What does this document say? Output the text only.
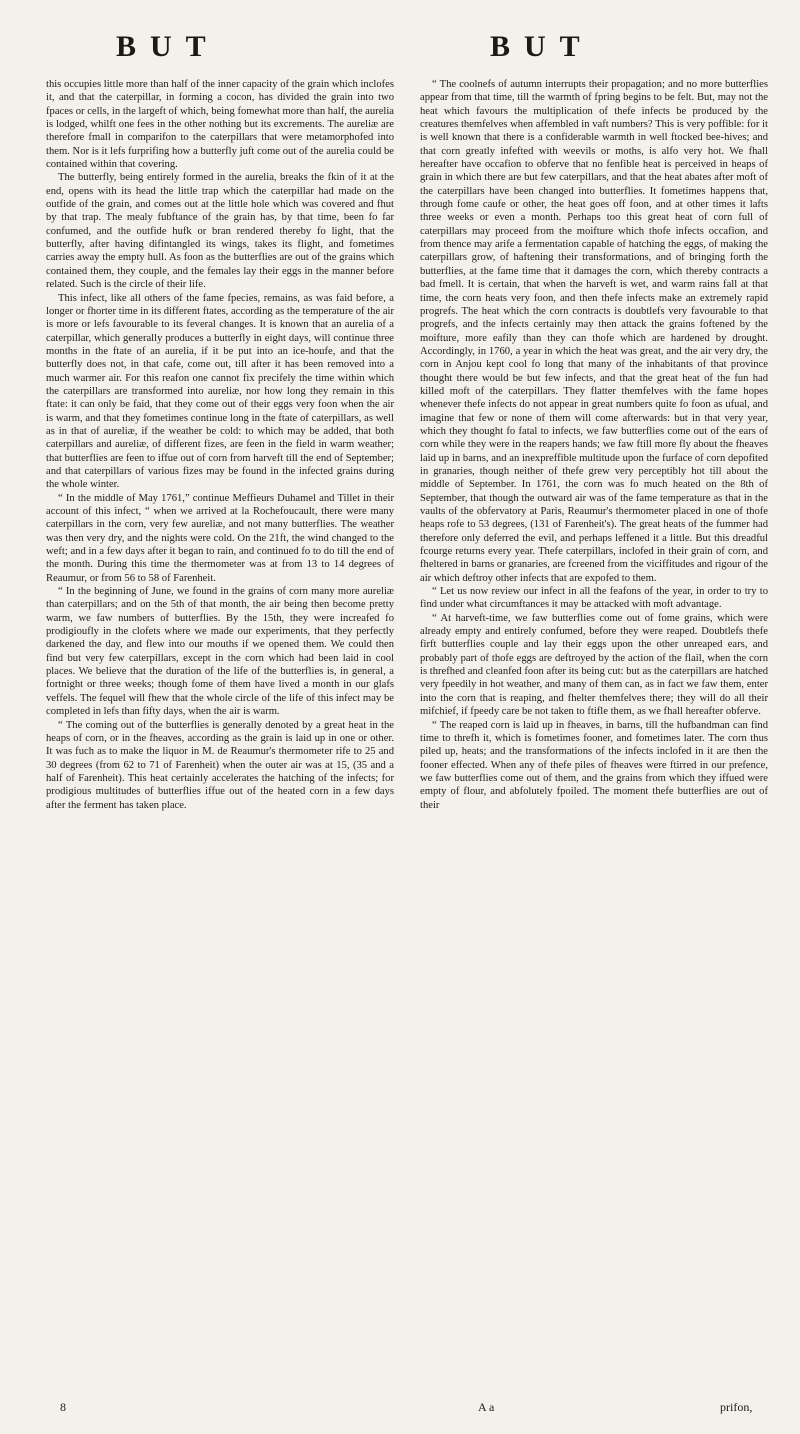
BUT	BUT

this occupies little more than half of the inner capacity of the grain which inclofes it, and that the caterpillar, in forming a cocon, has divided the grain into two fpaces or cells, in the largeft of which, being fomewhat more than half, the aurelia is lodged, whilft one fees in the other nothing but its excrements. The aureliæ are therefore fmall in comparifon to the caterpillars that were metamorphofed into them. Nor is it lefs furprifing how a butterfly juft come out of the aurelia could be contained within that covering.

The butterfly, being entirely formed in the aurelia, breaks the fkin of it at the end, opens with its head the little trap which the caterpillar had made on the outfide of the grain, and comes out at the little hole which was covered and fhut by that trap. The mealy fubftance of the grain has, by that time, been fo far confumed, and the outfide hufk or bran rendered thereby fo light, that the butterfly, after having difintangled its wings, takes its flight, and fometimes carries away the empty hull. As foon as the butterflies are out of the grains which contained them, they couple, and the females lay their eggs in the manner before related. Such is the circle of their life.

This infect, like all others of the fame fpecies, remains, as was faid before, a longer or fhorter time in its different ftates, according as the temperature of the air is more or lefs favourable to its feveral changes. It is known that an aurelia of a caterpillar, which generally produces a butterfly in eight days, will continue three months in the ftate of an aurelia, if it be put into an ice-houfe, and that the butterfly does not, in that cafe, come out, till after it has been removed into a much warmer air. For this reafon one cannot fix precifely the time within which the caterpillars are transformed into aureliæ, nor how long they remain in this ftate: it can only be faid, that they come out of their eggs very foon when the air is warm, and that they fometimes continue long in the ftate of caterpillars, as well as in that of aureliæ, if the weather be cold: to which may be added, that both caterpillars and aureliæ, of different fizes, are feen in the field in warm weather; that butterflies are feen to iffue out of corn from harveft till the end of September; and that caterpillars of various fizes may be found in the infected grains during the whole winter.

“ In the middle of May 1761,” continue Meffieurs Duhamel and Tillet in their account of this infect, “ when we arrived at la Rochefoucault, there were many caterpillars in the corn, very few aureliæ, and not many butterflies. The weather was then very dry, and the nights were cold. On the 21ft, the wind changed to the weft; and in a few days after it began to rain, and continued fo to do till the end of the month. During this time the thermometer was at from 13 to 14 degrees of Reaumur, or from 56 to 58 of Farenheit.

“ In the beginning of June, we found in the grains of corn many more aureliæ than caterpillars; and on the 5th of that month, the air being then become pretty warm, we faw numbers of butterflies. By the 15th, they were increafed fo prodigioufly in the clofets where we made our experiments, that they perfectly darkened the day, and flew into our mouths if we opened them. We could then find but very few caterpillars, except in the corn which had been laid in cool places. We believe that the duration of the life of the butterflies is, in general, a fortnight or three weeks; though fome of them have lived a month in our glafs veffels. The fequel will fhew that the whole circle of the life of this infect may be completed in lefs than fifty days, when the air is warm.

“ The coming out of the butterflies is generally denoted by a great heat in the heaps of corn, or in the fheaves, according as the grain is laid up in one or other. It was fuch as to make the liquor in M. de Reaumur's thermometer rife to 25 and 30 degrees (from 62 to 71 of Farenheit) when the outer air was at 15, (35 and a half of Farenheit). This heat certainly accelerates the hatching of the infects; for prodigious multitudes of butterflies iffue out of the heated corn in a few days after the ferment has taken place.

“ The coolnefs of autumn interrupts their propagation; and no more butterflies appear from that time, till the warmth of fpring begins to be felt. But, may not the heat which favours the multiplication of thefe infects be produced by the creatures themfelves when affembled in vaft numbers? This is very poffible: for it is well known that there is a confiderable warmth in well ftocked bee-hives; and that corn greatly infefted with weevils or moths, is alfo very hot. We fhall hereafter have occafion to obferve that no fenfible heat is perceived in heaps of grain in which there are but few caterpillars, and that the heat abates after moft of the caterpillars have been changed into butterflies. It fometimes happens that, through fome caufe or other, the heat goes off foon, and at other times it lafts three weeks or even a month. Perhaps too this great heat of corn full of caterpillars may proceed from the moifture which thofe infects occafion, and from thence may arife a fermentation capable of hatching the eggs, of making the caterpillars grow, of haftening their transformations, and of bringing forth the butterflies, at the fame time that it damages the corn, which thereby contracts a bad fmell. It is certain, that when the harveft is wet, and warm rains fall at that time, the corn heats very foon, and then thefe infects make an extremely rapid progrefs. The heat which the corn contracts is doubtlefs very favourable to that progrefs, and the infects certainly may then attack the grains foftened by the moifture, more eafily than they can thofe which are hardened by drought. Accordingly, in 1760, a year in which the heat was great, and the air very dry, the corn in Anjou kept cool fo long that many of the inhabitants of that province thought there would be but few infects, and that the great heat of the fun had killed moft of the caterpillars. They flatter themfelves with the fame hopes whenever thefe infects do not appear in great numbers quite fo foon as ufual, and imagine that few or none of them will come afterwards: but in that very year, which they thought fo fatal to infects, we faw butterflies come out of the ears of corn while they were in the reapers hands; we faw ftill more fly about the fheaves laid up in barns, and an inexpreffible multitude upon the furface of corn depofited in granaries, though neither of thefe grew very perceptibly hot till about the middle of September. In 1761, the corn was fo much heated on the 8th of September, that though the outward air was of the fame temperature as that in the vaults of the obfervatory at Paris, Reaumur's thermometer placed in one of thofe heaps rofe to 53 degrees, (131 of Farenheit's). The great heats of the fummer had therefore only deferred the evil, and perhaps leffened it a little. But this dreadful fcourge returns every year. Thefe caterpillars, inclofed in their grain of corn, and fheltered in barns or granaries, are fcreened from the viciffitudes and rigour of the air which deftroy other infects that are expofed to them.

“ Let us now review our infect in all the feafons of the year, in order to try to find under what circumftances it may be attacked with moft advantage.

“ At harveft-time, we faw butterflies come out of fome grains, which were already empty and entirely confumed, before they were reaped. Doubtlefs thefe firft butterflies couple and lay their eggs upon the other unreaped ears, and probably part of thofe eggs are deftroyed by the action of the flail, when the corn is threfhed and cleanfed foon after its being cut: but as the caterpillars are hatched very fpeedily in hot weather, and many of them can, as in fact we faw them, enter into the corn that is reaping, and fhelter themfelves there; they will do all their mifchief, if fpeedy care be not taken to ftifle them, as we fhall hereafter obferve.

“ The reaped corn is laid up in fheaves, in barns, till the hufbandman can find time to threfh it, which is fometimes fooner, and fometimes later. The corn thus piled up, heats; and the transformations of the infects inclofed in it are then the fooner effected. When any of thefe piles of fheaves were ftirred in our prefence, we faw butterflies come out of them, and the grains from which they iffued were empty of flour, and abfolutely fpoiled. The moment thefe butterflies are out of their

8	A a	prifon,
